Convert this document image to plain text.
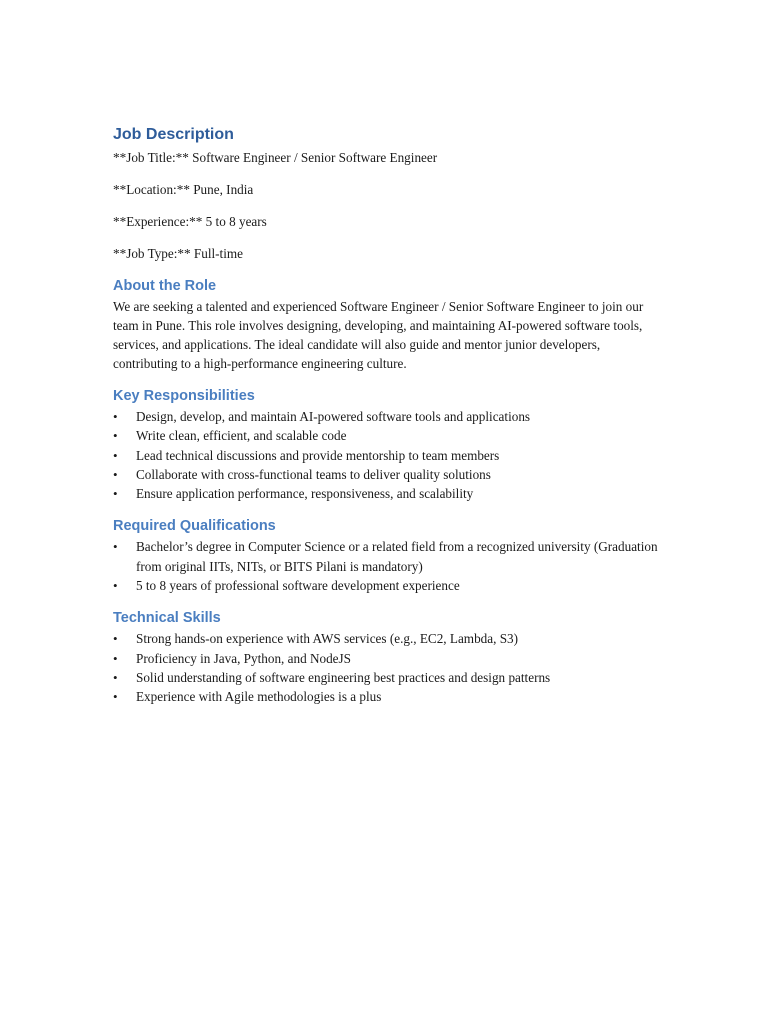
Job Description

**Job Title:** Software Engineer / Senior Software Engineer

**Location:** Pune, India

**Experience:** 5 to 8 years

**Job Type:** Full-time

About the Role

We are seeking a talented and experienced Software Engineer / Senior Software Engineer to join our team in Pune. This role involves designing, developing, and maintaining AI-powered software tools, services, and applications. The ideal candidate will also guide and mentor junior developers, contributing to a high-performance engineering culture.

Key Responsibilities
• Design, develop, and maintain AI-powered software tools and applications
• Write clean, efficient, and scalable code
• Lead technical discussions and provide mentorship to team members
• Collaborate with cross-functional teams to deliver quality solutions
• Ensure application performance, responsiveness, and scalability
Required Qualifications
• Bachelor’s degree in Computer Science or a related field from a recognized university (Graduation from original IITs, NITs, or BITS Pilani is mandatory)
• 5 to 8 years of professional software development experience
Technical Skills
• Strong hands-on experience with AWS services (e.g., EC2, Lambda, S3)
• Proficiency in Java, Python, and NodeJS
• Solid understanding of software engineering best practices and design patterns
• Experience with Agile methodologies is a plus
